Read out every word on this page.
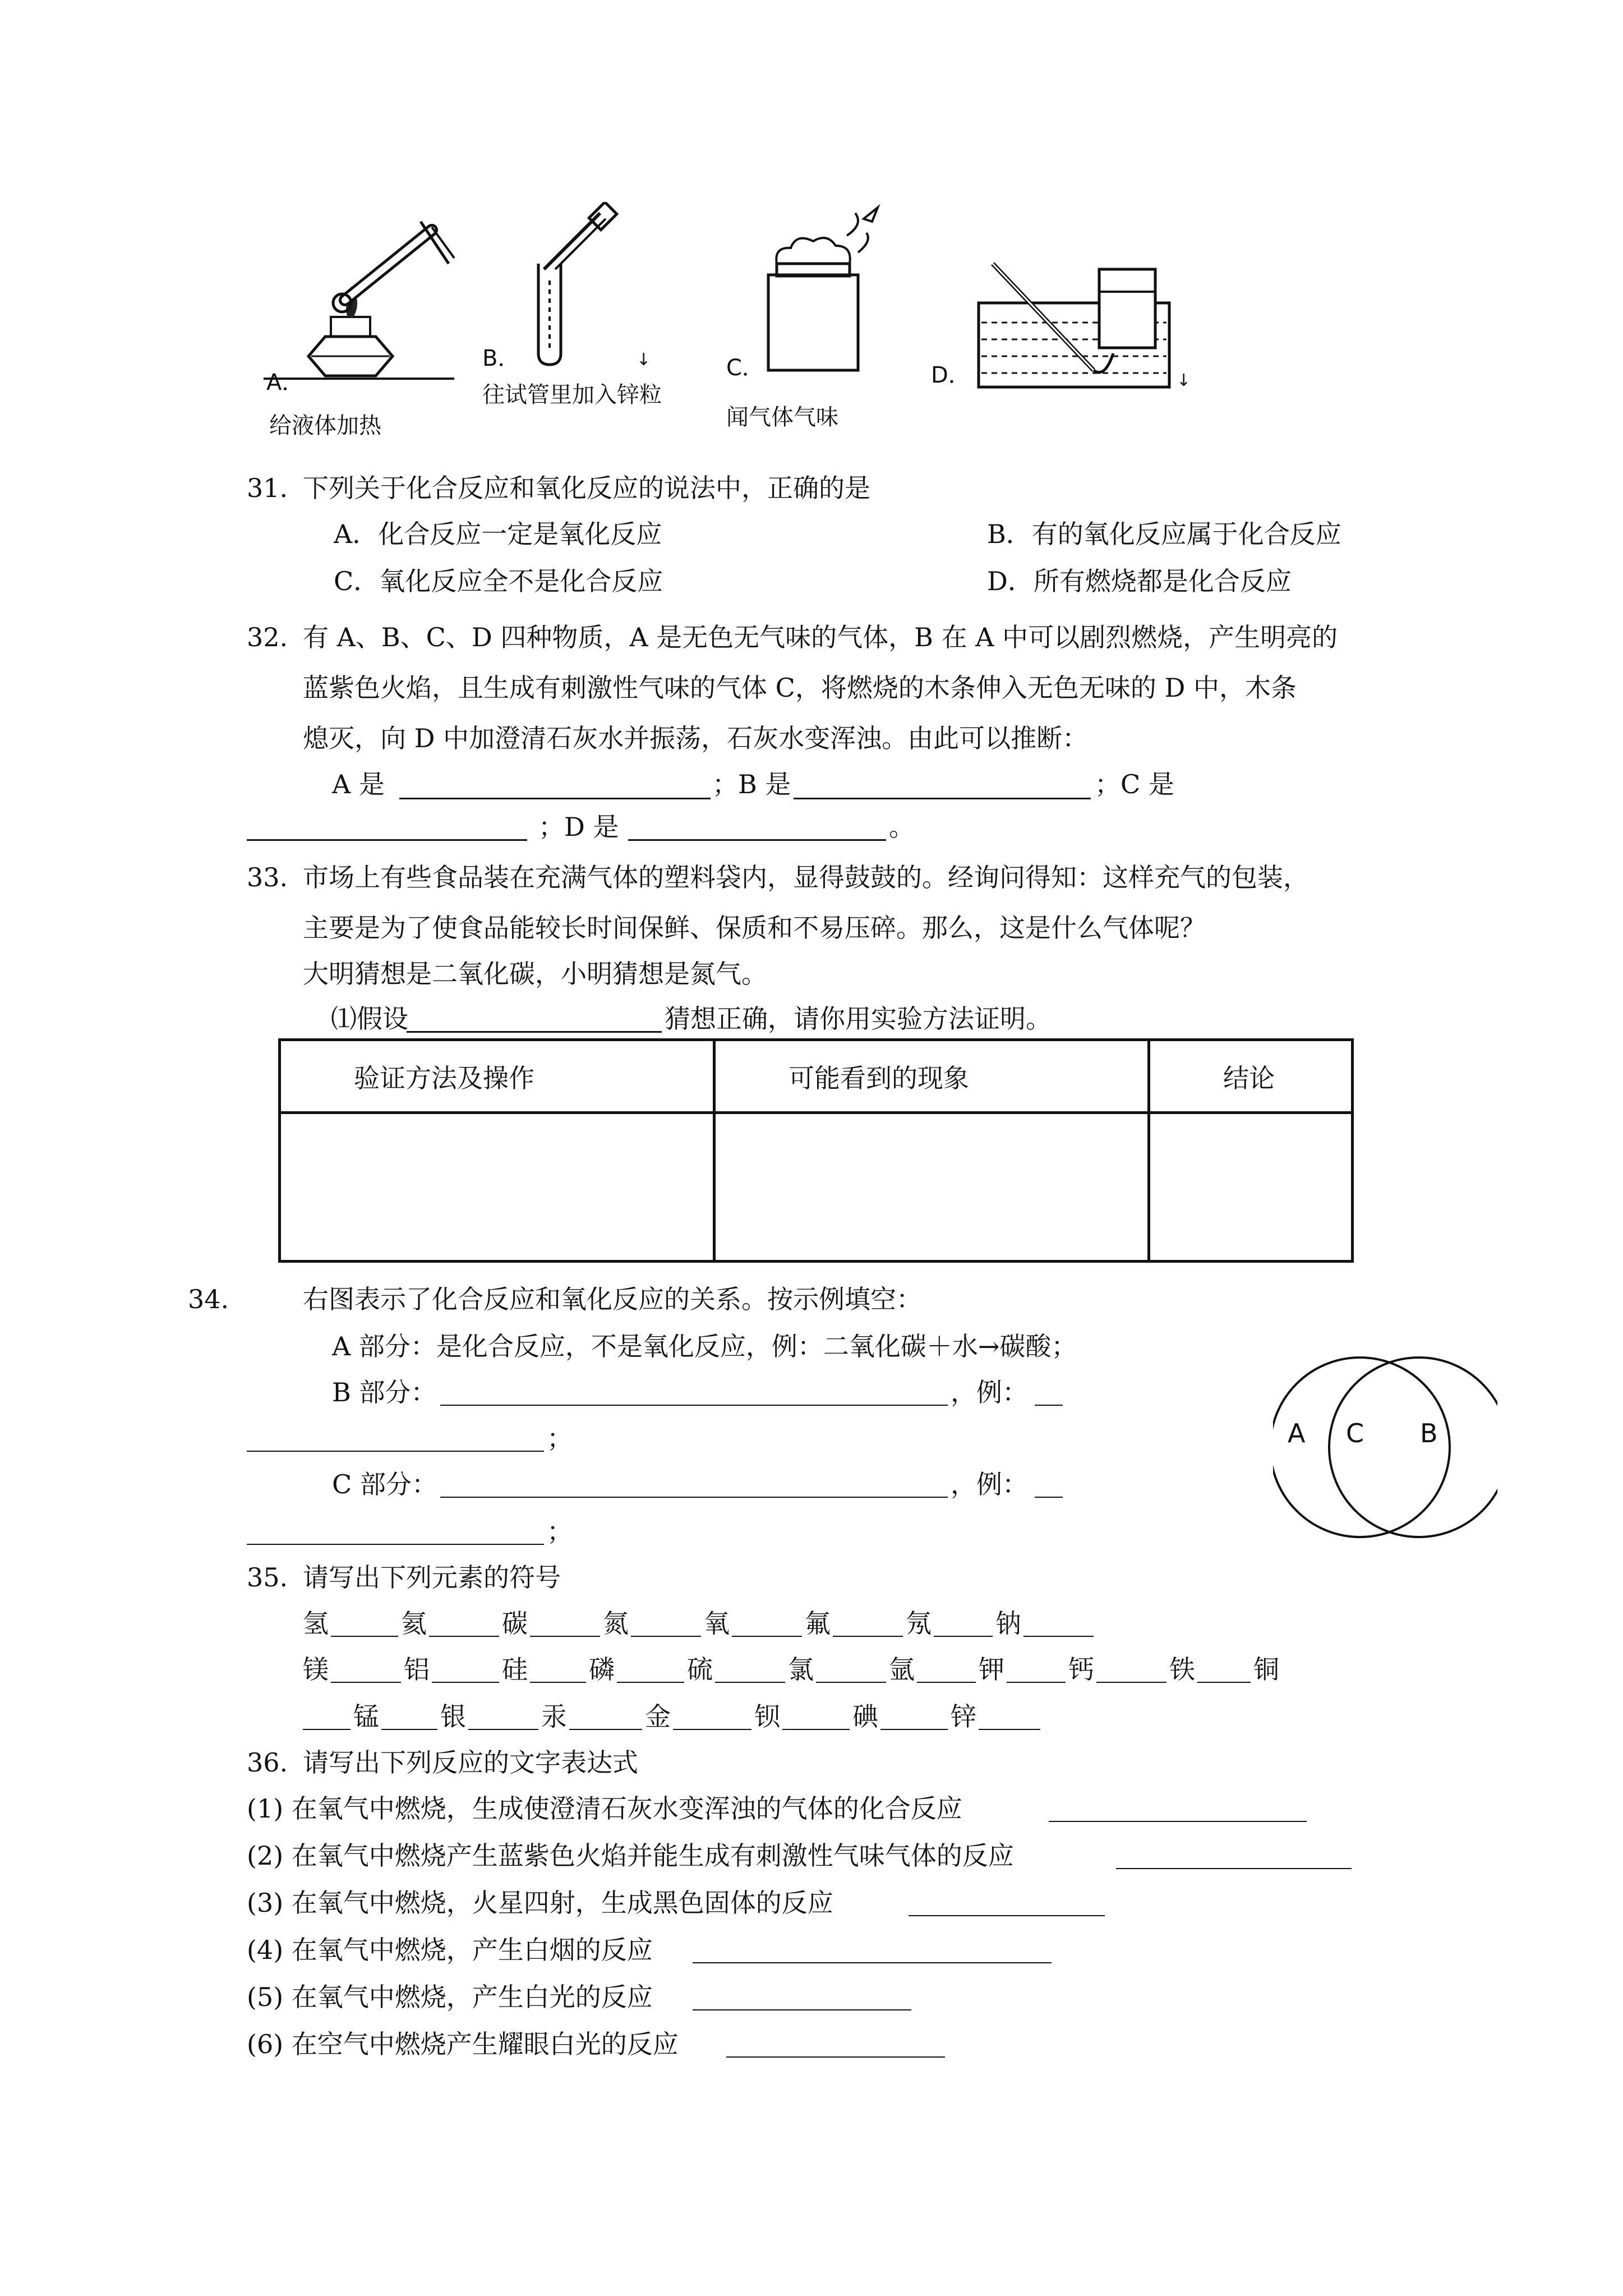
A．
给液体加热
B．
往试管里加入锌粒
↓	C．
闻气体气味
D．	↓
31. 下列关于化合反应和氧化反应的说法中，正确的是
A．化合反应一定是氧化反应	B．有的氧化反应属于化合反应
C．氧化反应全不是化合反应	D．所有燃烧都是化合反应
32. 有 A、B、C、D 四种物质，A 是无色无气味的气体，B 在 A 中可以剧烈燃烧，产生明亮的
蓝紫色火焰，且生成有刺激性气味的气体 C，将燃烧的木条伸入无色无味的 D 中，木条
熄灭，向 D 中加澄清石灰水并振荡，石灰水变浑浊。由此可以推断：
A 是	；B 是	；C 是
；D 是	。
33. 市场上有些食品装在充满气体的塑料袋内，显得鼓鼓的。经询问得知：这样充气的包装，
主要是为了使食品能较长时间保鲜、保质和不易压碎。那么，这是什么气体呢？
大明猜想是二氧化碳，小明猜想是氮气。
⑴假设	猜想正确，请你用实验方法证明。
验证方法及操作	可能看到的现象	结论

34.	右图表示了化合反应和氧化反应的关系。按示例填空：
A 部分：是化合反应，不是氧化反应，例：二氧化碳＋水→碳酸；
B 部分：	，例：
；
C 部分：	，例：
；
A C B
35. 请写出下列元素的符号
氢	氦	碳	氮	氧	氟	氖 钠
镁	铝	硅 磷	硫	氯	氩 钾 钙	铁 铜
锰 银	汞	金	钡	碘	锌
36. 请写出下列反应的文字表达式
(1) 在氧气中燃烧，生成使澄清石灰水变浑浊的气体的化合反应
(2) 在氧气中燃烧产生蓝紫色火焰并能生成有刺激性气味气体的反应
(3) 在氧气中燃烧，火星四射，生成黑色固体的反应
(4) 在氧气中燃烧，产生白烟的反应
(5) 在氧气中燃烧，产生白光的反应
(6) 在空气中燃烧产生耀眼白光的反应
